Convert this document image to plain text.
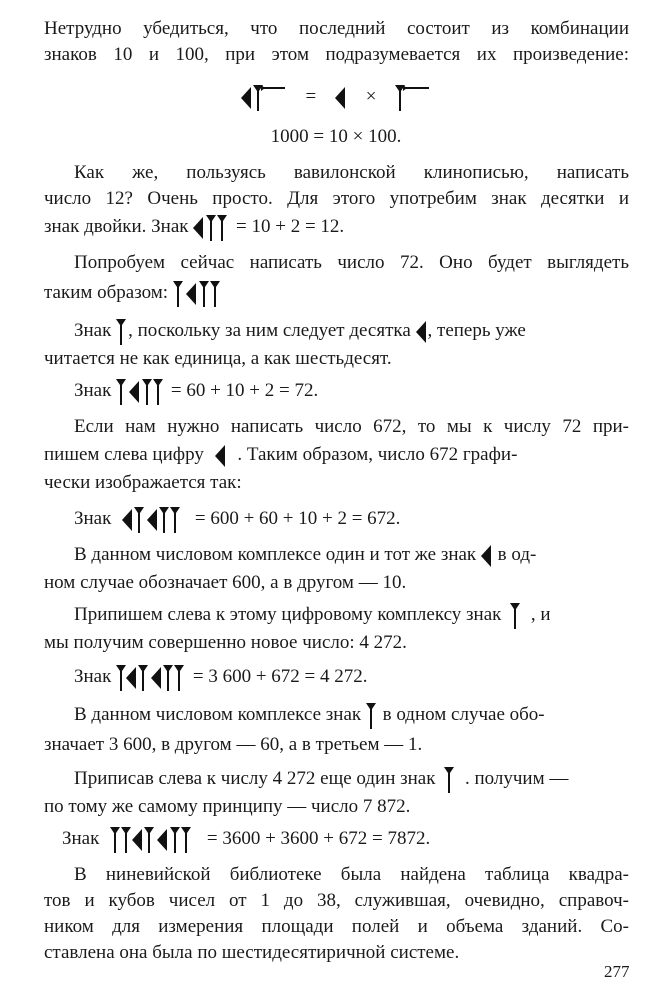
Нетрудно убедиться, что последний состоит из комбинации
знаков 10 и 100, при этом подразумевается их произведение:
=	×
1000 = 10 × 100.
Как же, пользуясь вавилонской клинописью, написать
число 12? Очень просто. Для этого употребим знак десятки и
знак двойки. Знак	= 10 + 2 = 12.
Попробуем сейчас написать число 72. Оно будет выглядеть
таким образом:
Знак , поскольку за ним следует десятка , теперь уже
читается не как единица, а как шестьдесят.
Знак	= 60 + 10 + 2 = 72.
Если нам нужно написать число 672, то мы к числу 72 при-
пишем слева цифру . Таким образом, число 672 графи-
чески изображается так:
Знак	= 600 + 60 + 10 + 2 = 672.
В данном числовом комплексе один и тот же знак в од-
ном случае обозначает 600, а в другом — 10.
Припишем слева к этому цифровому комплексу знак , и
мы получим совершенно новое число: 4 272.
Знак	= 3 600 + 672 = 4 272.
В данном числовом комплексе знак в одном случае обо-
значает 3 600, в другом — 60, а в третьем — 1.
Приписав слева к числу 4 272 еще один знак . получим —
по тому же самому принципу — число 7 872.
Знак	= 3600 + 3600 + 672 = 7872.
В ниневийской библиотеке была найдена таблица квадра-
тов и кубов чисел от 1 до 38, служившая, очевидно, справоч-
ником для измерения площади полей и объема зданий. Со-
ставлена она была по шестидесятиричной системе.
277
